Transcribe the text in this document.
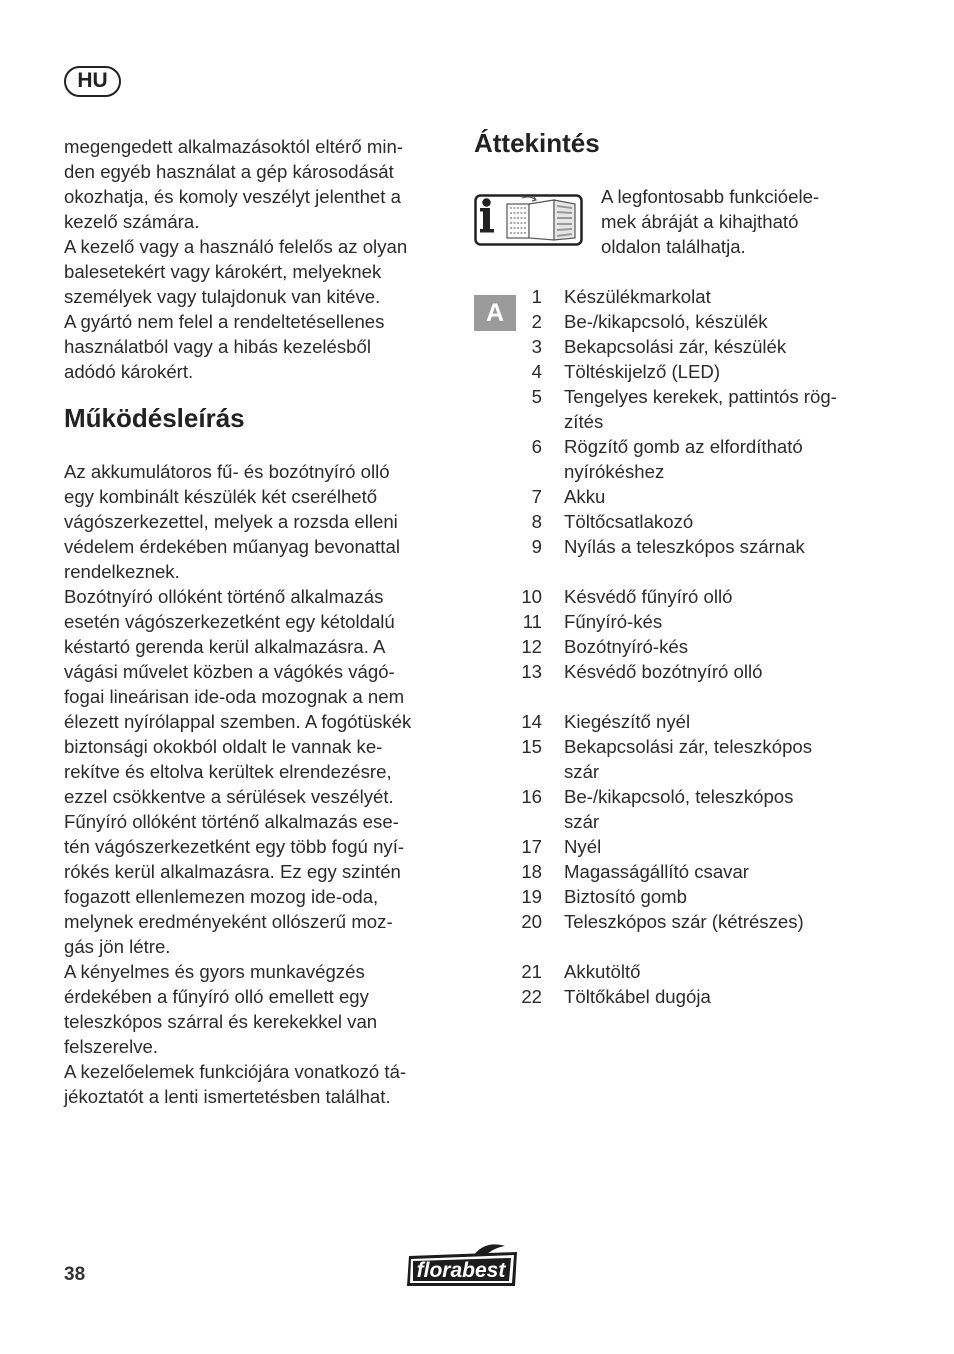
HU

megengedett alkalmazásoktól eltérő min-

den egyéb használat a gép károsodását

okozhatja, és komoly veszélyt jelenthet a

kezelő számára.

A kezelő vagy a használó felelős az olyan

balesetekért vagy károkért, melyeknek

személyek vagy tulajdonuk van kitéve.

A gyártó nem felel a rendeltetésellenes

használatból vagy a hibás kezelésből

adódó károkért.

Működésleírás

Az akkumulátoros fű- és bozótnyíró olló

egy kombinált készülék két cserélhető

vágószerkezettel, melyek a rozsda elleni

védelem érdekében műanyag bevonattal

rendelkeznek.

Bozótnyíró ollóként történő alkalmazás

esetén vágószerkezetként egy kétoldalú

késtartó gerenda kerül alkalmazásra. A

vágási művelet közben a vágókés vágó-

fogai lineárisan ide-oda mozognak a nem

élezett nyírólappal szemben. A fogótüskék

biztonsági okokból oldalt le vannak ke-

rekítve és eltolva kerültek elrendezésre,

ezzel csökkentve a sérülések veszélyét.

Fűnyíró ollóként történő alkalmazás ese-

tén vágószerkezetként egy több fogú nyí-

rókés kerül alkalmazásra. Ez egy szintén

fogazott ellenlemezen mozog ide-oda,

melynek eredményeként ollószerű moz-

gás jön létre.

A kényelmes és gyors munkavégzés

érdekében a fűnyíró olló emellett egy

teleszkópos szárral és kerekekkel van

felszerelve.

A kezelőelemek funkciójára vonatkozó tá-

jékoztatót a lenti ismertetésben találhat.

Áttekintés

A legfontosabb funkcióele-

mek ábráját a kihajtható

oldalon találhatja.

A
1 Készülékmarkolat
2 Be-/kikapcsoló, készülék
3 Bekapcsolási zár, készülék
4 Töltéskijelző (LED)
5 Tengelyes kerekek, pattintós rög-
zítés
6 Rögzítő gomb az elfordítható
nyírókéshez
7 Akku
8 Töltőcsatlakozó
9 Nyílás a teleszkópos szárnak
10 Késvédő fűnyíró olló
11 Fűnyíró-kés
12 Bozótnyíró-kés
13 Késvédő bozótnyíró olló
14 Kiegészítő nyél
15 Bekapcsolási zár, teleszkópos
szár
16 Be-/kikapcsoló, teleszkópos
szár
17 Nyél
18 Magasságállító csavar
19 Biztosító gomb
20 Teleszkópos szár (kétrészes)
21 Akkutöltő
22 Töltőkábel dugója
38	florabest
